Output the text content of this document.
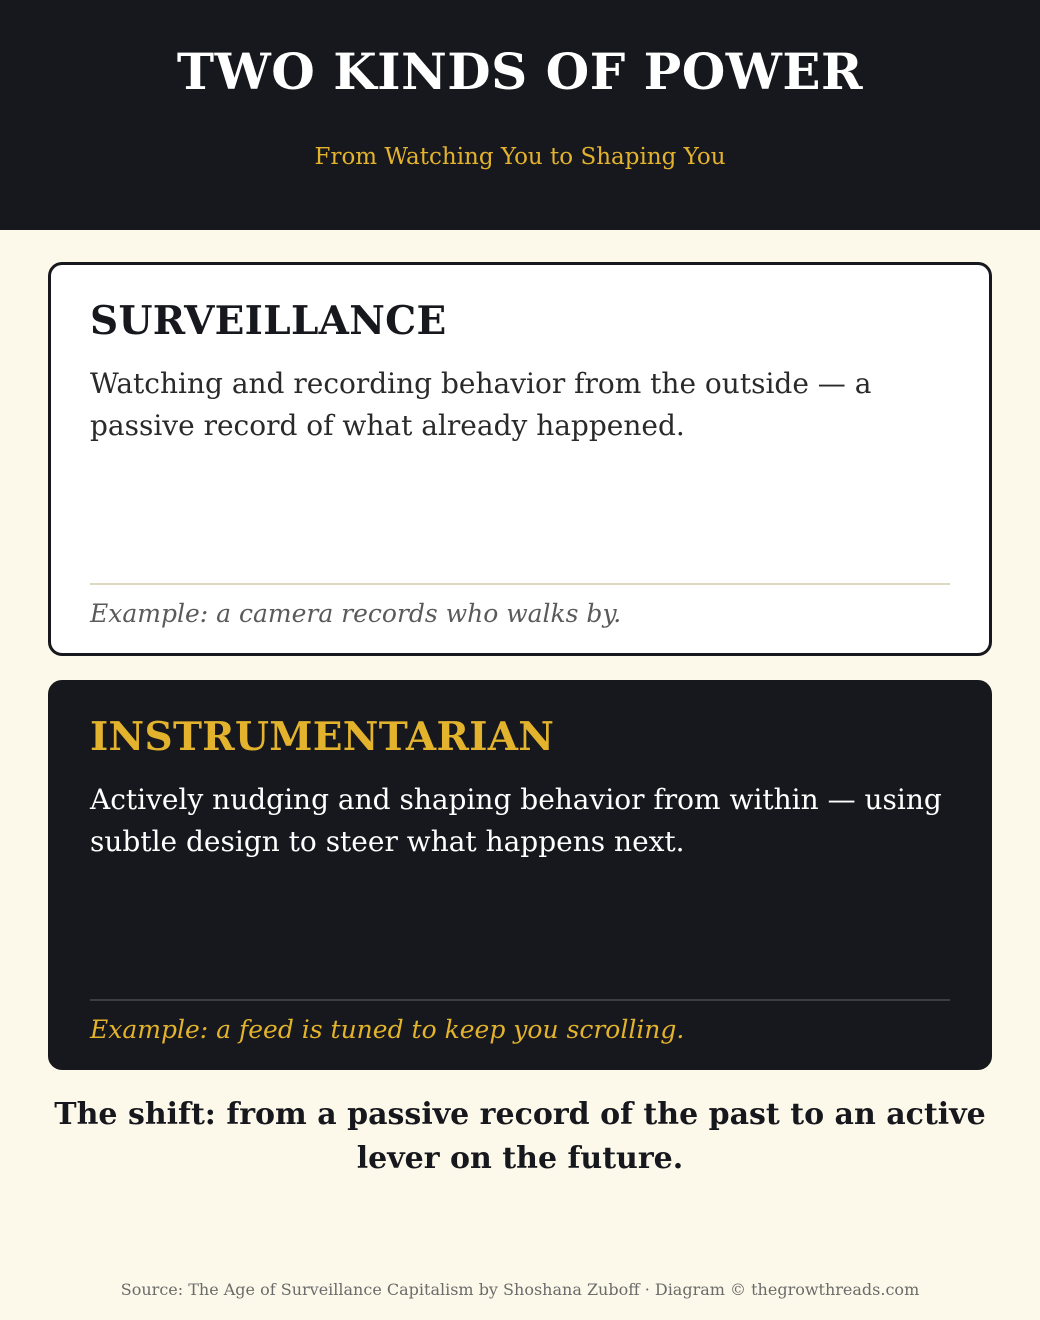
TWO KINDS OF POWER
From Watching You to Shaping You
SURVEILLANCE
Watching and recording behavior from the outside — a passive record of what already happened.
Example: a camera records who walks by.
INSTRUMENTARIAN
Actively nudging and shaping behavior from within — using subtle design to steer what happens next.
Example: a feed is tuned to keep you scrolling.
The shift: from a passive record of the past to an active lever on the future.
Source: The Age of Surveillance Capitalism by Shoshana Zuboff · Diagram © thegrowthreads.com
